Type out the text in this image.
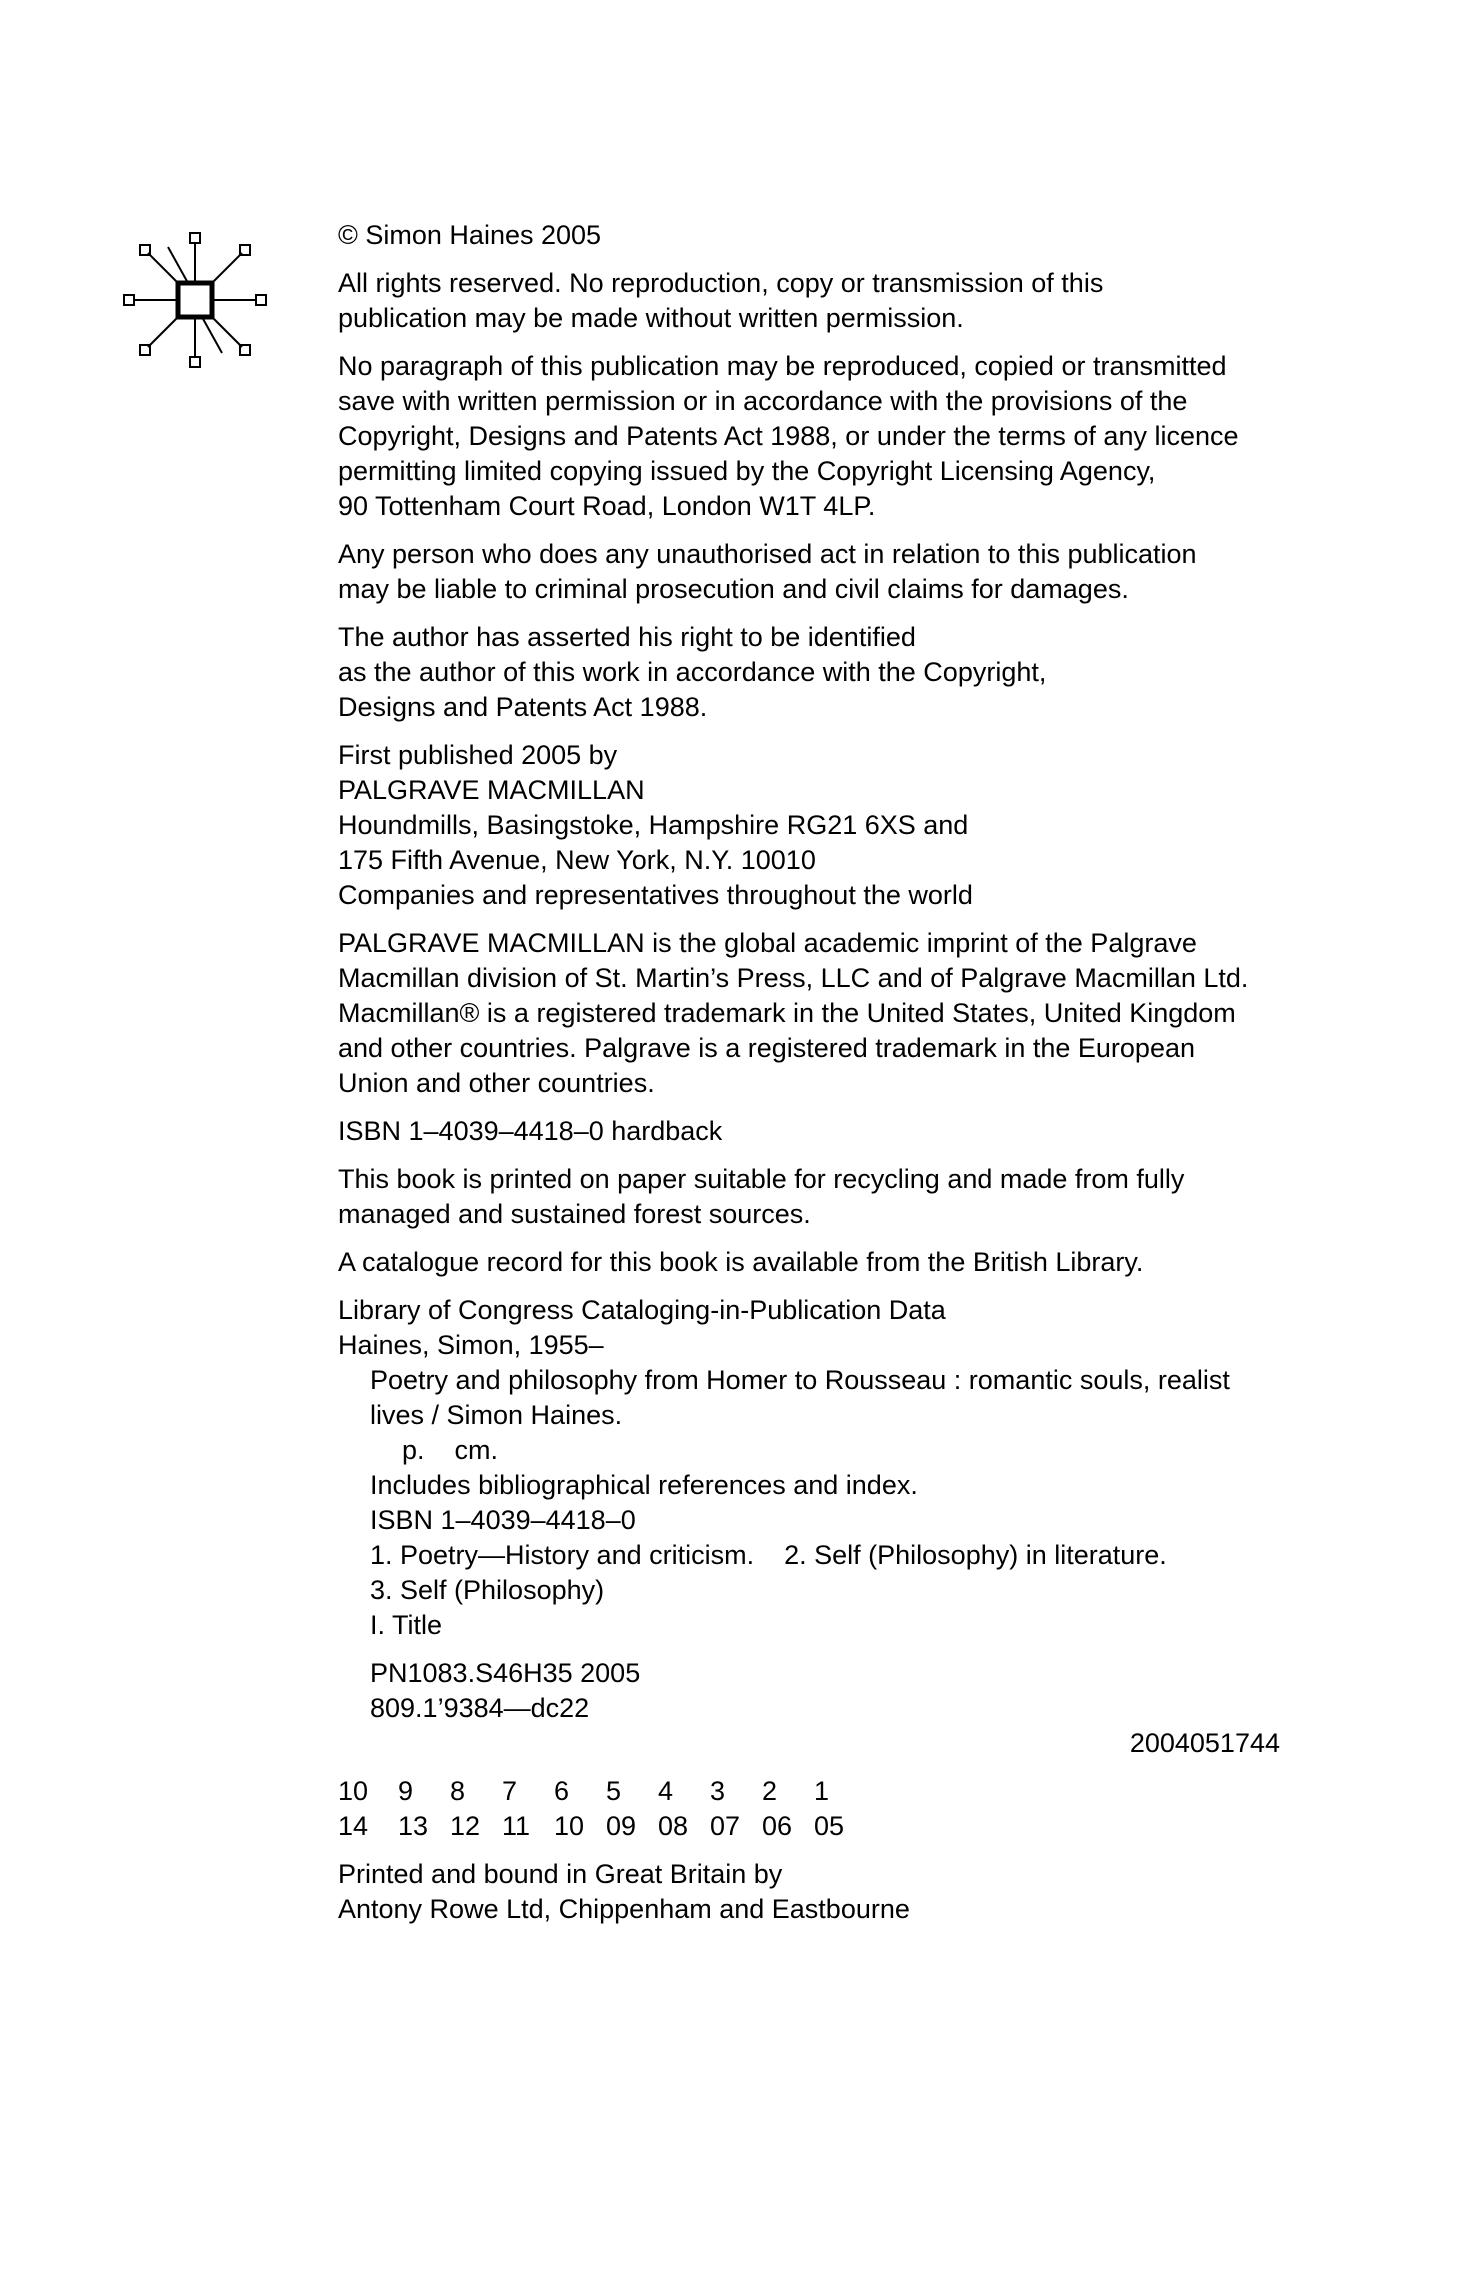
© Simon Haines 2005

All rights reserved. No reproduction, copy or transmission of this
publication may be made without written permission.

No paragraph of this publication may be reproduced, copied or transmitted
save with written permission or in accordance with the provisions of the
Copyright, Designs and Patents Act 1988, or under the terms of any licence
permitting limited copying issued by the Copyright Licensing Agency,
90 Tottenham Court Road, London W1T 4LP.

Any person who does any unauthorised act in relation to this publication
may be liable to criminal prosecution and civil claims for damages.

The author has asserted his right to be identified
as the author of this work in accordance with the Copyright,
Designs and Patents Act 1988.

First published 2005 by
PALGRAVE MACMILLAN
Houndmills, Basingstoke, Hampshire RG21 6XS and
175 Fifth Avenue, New York, N.Y. 10010
Companies and representatives throughout the world

PALGRAVE MACMILLAN is the global academic imprint of the Palgrave
Macmillan division of St. Martin’s Press, LLC and of Palgrave Macmillan Ltd.
Macmillan® is a registered trademark in the United States, United Kingdom
and other countries. Palgrave is a registered trademark in the European
Union and other countries.

ISBN 1–4039–4418–0 hardback

This book is printed on paper suitable for recycling and made from fully
managed and sustained forest sources.

A catalogue record for this book is available from the British Library.

Library of Congress Cataloging-in-Publication Data
Haines, Simon, 1955–
Poetry and philosophy from Homer to Rousseau : romantic souls, realist
lives / Simon Haines.
p.    cm.
Includes bibliographical references and index.
ISBN 1–4039–4418–0
1. Poetry—History and criticism.    2. Self (Philosophy) in literature.
3. Self (Philosophy)
I. Title
PN1083.S46H35 2005
809.1’9384—dc22
2004051744
10	9	8	7	6	5	4	3	2	1
14	13 12 11 10 09 08 07 06 05

Printed and bound in Great Britain by
Antony Rowe Ltd, Chippenham and Eastbourne
